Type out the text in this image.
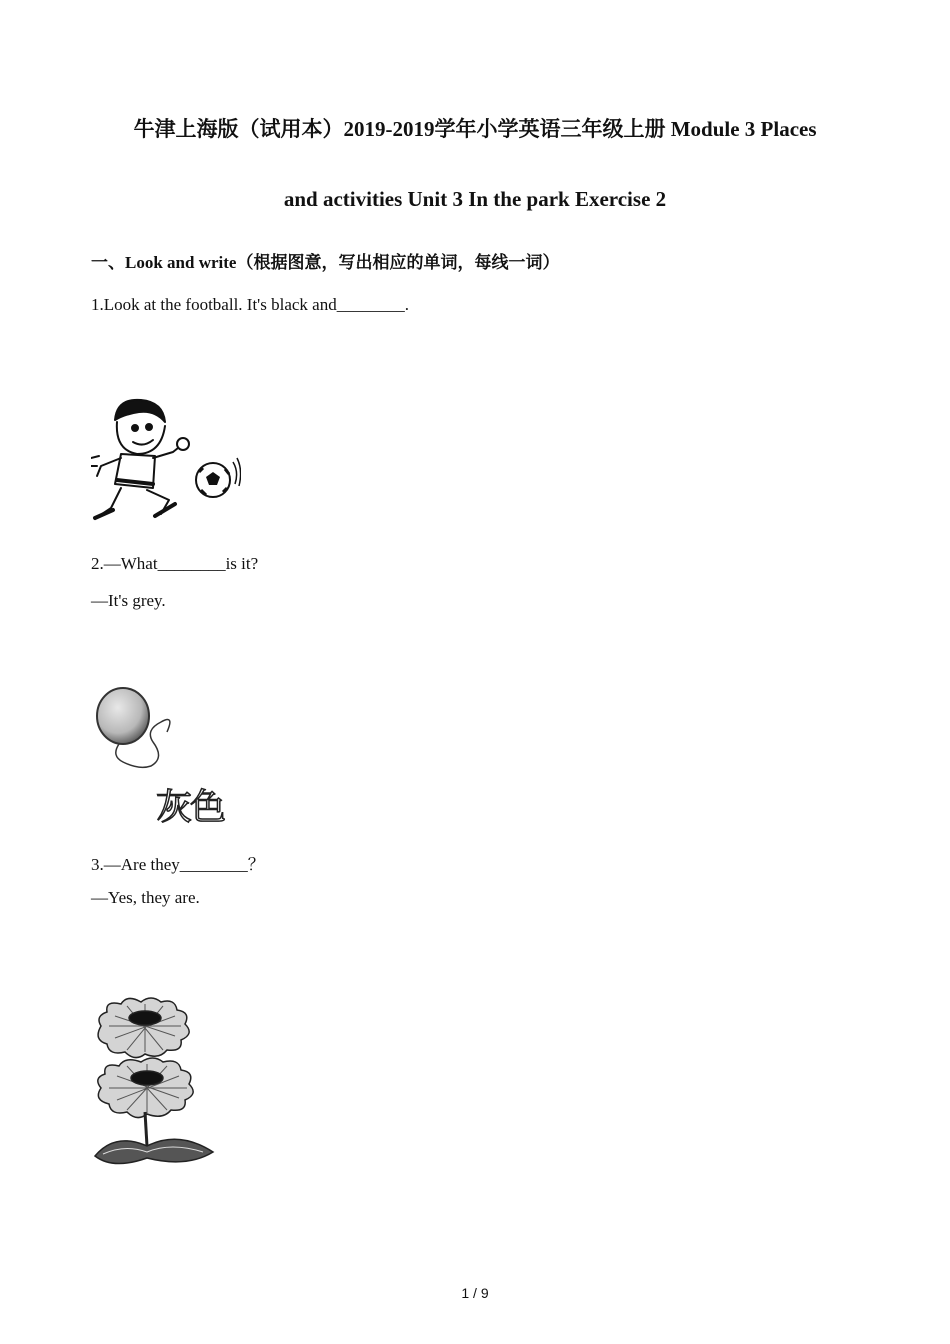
牛津上海版（试用本）2019-2019学年小学英语三年级上册 Module 3 Places
and activities Unit 3 In the park Exercise 2
一、Look and write（根据图意，写出相应的单词，每线一词）
1.Look at the football. It's black and________.
2.—What________is it?
—It's grey.
灰色
3.—Are they________？
—Yes, they are.
1 / 9
